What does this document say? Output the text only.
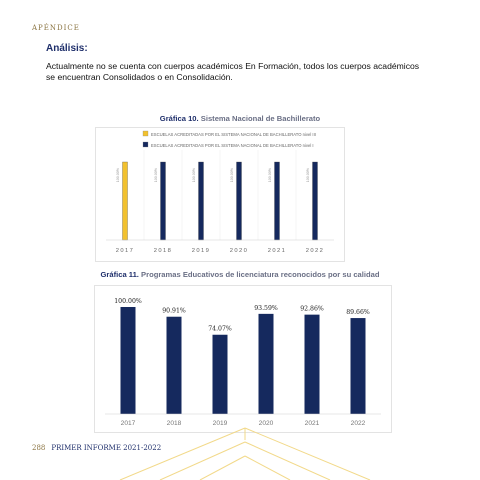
APÉNDICE
Análisis:
Actualmente no se cuenta con cuerpos académicos En Formación, todos los cuerpos académicos se encuentran Consolidados o en Consolidación.
Gráfica 10. Sistema Nacional de Bachillerato
ESCUELAS ACREDITADAS POR EL SISTEMA NACIONAL DE BACHILLERATO nivel III
ESCUELAS ACREDITADAS POR EL SISTEMA NACIONAL DE BACHILLERATO nivel I
100.00%
2017
100.00%
2018
100.00%
2019
100.00%
2020
100.00%
2021
100.00%
2022
Gráfica 11. Programas Educativos de licenciatura reconocidos por su calidad
100.00%
2017
90.91%
2018
74.07%
2019
93.59%
2020
92.86%
2021
89.66%
2022
288 PRIMER INFORME 2021-2022
